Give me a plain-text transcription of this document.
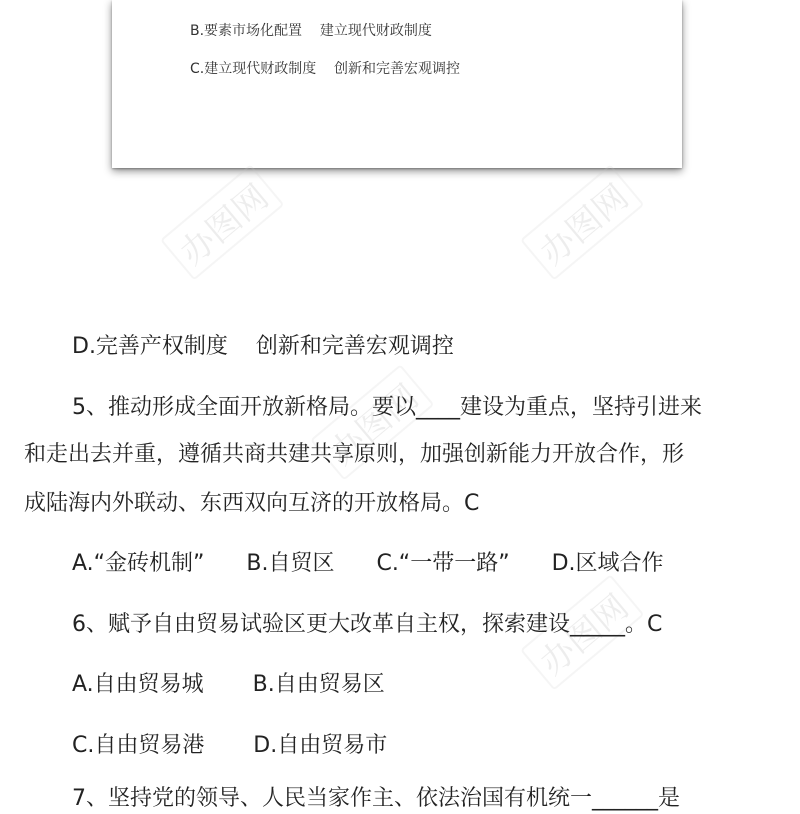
B.要素市场化配置    建立现代财政制度
C.建立现代财政制度    创新和完善宏观调控
办图网	办图网
办图网
办图网
D.完善产权制度    创新和完善宏观调控
5、推动形成全面开放新格局。要以____建设为重点，坚持引进来
和走出去并重，遵循共商共建共享原则，加强创新能力开放合作，形
成陆海内外联动、东西双向互济的开放格局。C
A.“金砖机制”      B.自贸区      C.“一带一路”      D.区域合作
6、赋予自由贸易试验区更大改革自主权，探索建设_____。C
A.自由贸易城       B.自由贸易区
C.自由贸易港       D.自由贸易市
7、坚持党的领导、人民当家作主、依法治国有机统一______是
